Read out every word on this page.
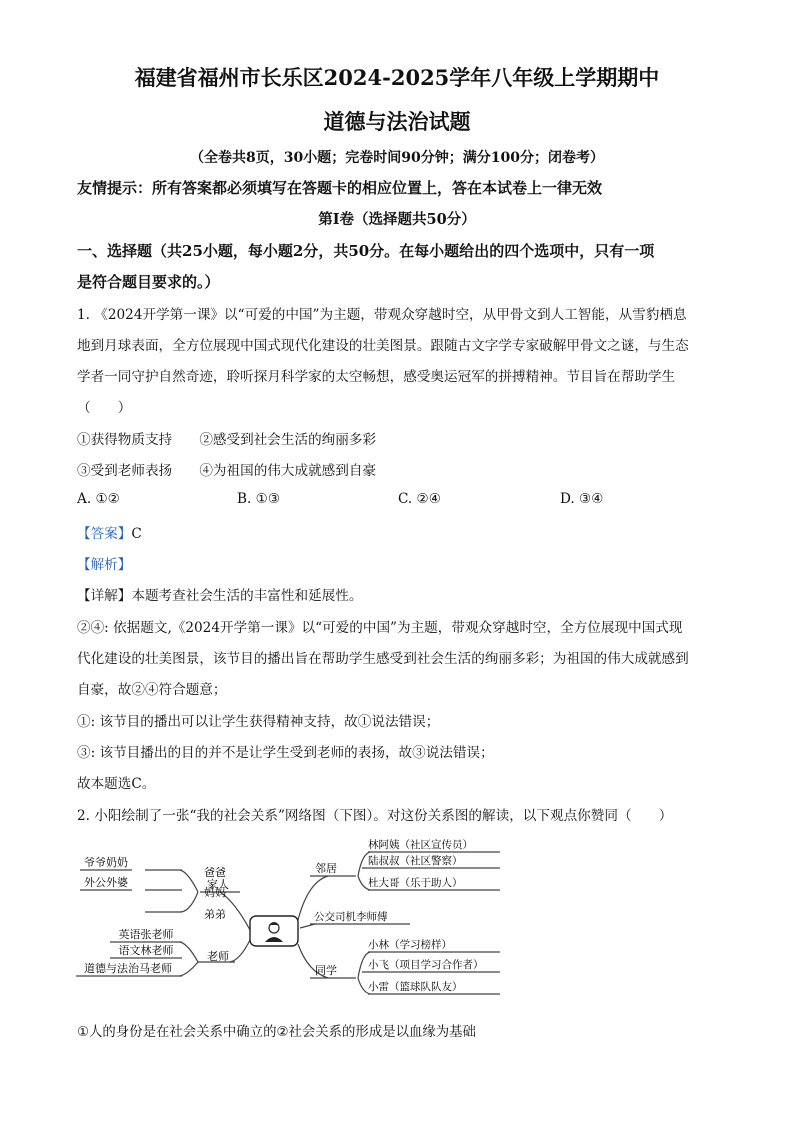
福建省福州市长乐区2024-2025学年八年级上学期期中
道德与法治试题
（全卷共8页，30小题；完卷时间90分钟；满分100分；闭卷考）
友情提示：所有答案都必须填写在答题卡的相应位置上，答在本试卷上一律无效
第Ⅰ卷（选择题共50分）
一、选择题（共25小题，每小题2分，共50分。在每小题给出的四个选项中，只有一项
是符合题目要求的。）
1. 《2024开学第一课》以“可爱的中国”为主题，带观众穿越时空，从甲骨文到人工智能，从雪豹栖息
地到月球表面，全方位展现中国式现代化建设的壮美图景。跟随古文字学专家破解甲骨文之谜，与生态
学者一同守护自然奇迹，聆听探月科学家的太空畅想，感受奥运冠军的拼搏精神。节目旨在帮助学生
（　　）
①获得物质支持　　②感受到社会生活的绚丽多彩
③受到老师表扬　　④为祖国的伟大成就感到自豪
A. ①②	B. ①③	C. ②④	D. ③④
【答案】C
【解析】
【详解】本题考查社会生活的丰富性和延展性。
②④: 依据题文,《2024开学第一课》以“可爱的中国”为主题，带观众穿越时空，全方位展现中国式现
代化建设的壮美图景，该节目的播出旨在帮助学生感受到社会生活的绚丽多彩；为祖国的伟大成就感到
自豪，故②④符合题意；
①: 该节目的播出可以让学生获得精神支持，故①说法错误；
③: 该节目播出的目的并不是让学生受到老师的表扬，故③说法错误；
故本题选C。
2. 小阳绘制了一张“我的社会关系”网络图（下图）。对这份关系图的解读，以下观点你赞同（　　）
爸爸
妈妈
弟弟
家人
爷爷奶奶
外公外婆
英语张老师
语文林老师
道德与法治马老师
老师
邻居
林阿姨（社区宣传员）
陆叔叔（社区警察）
杜大哥（乐于助人）
公交司机李师傅
同学
小林（学习榜样）
小飞（项目学习合作者）
小雷（篮球队队友）
①人的身份是在社会关系中确立的②社会关系的形成是以血缘为基础
